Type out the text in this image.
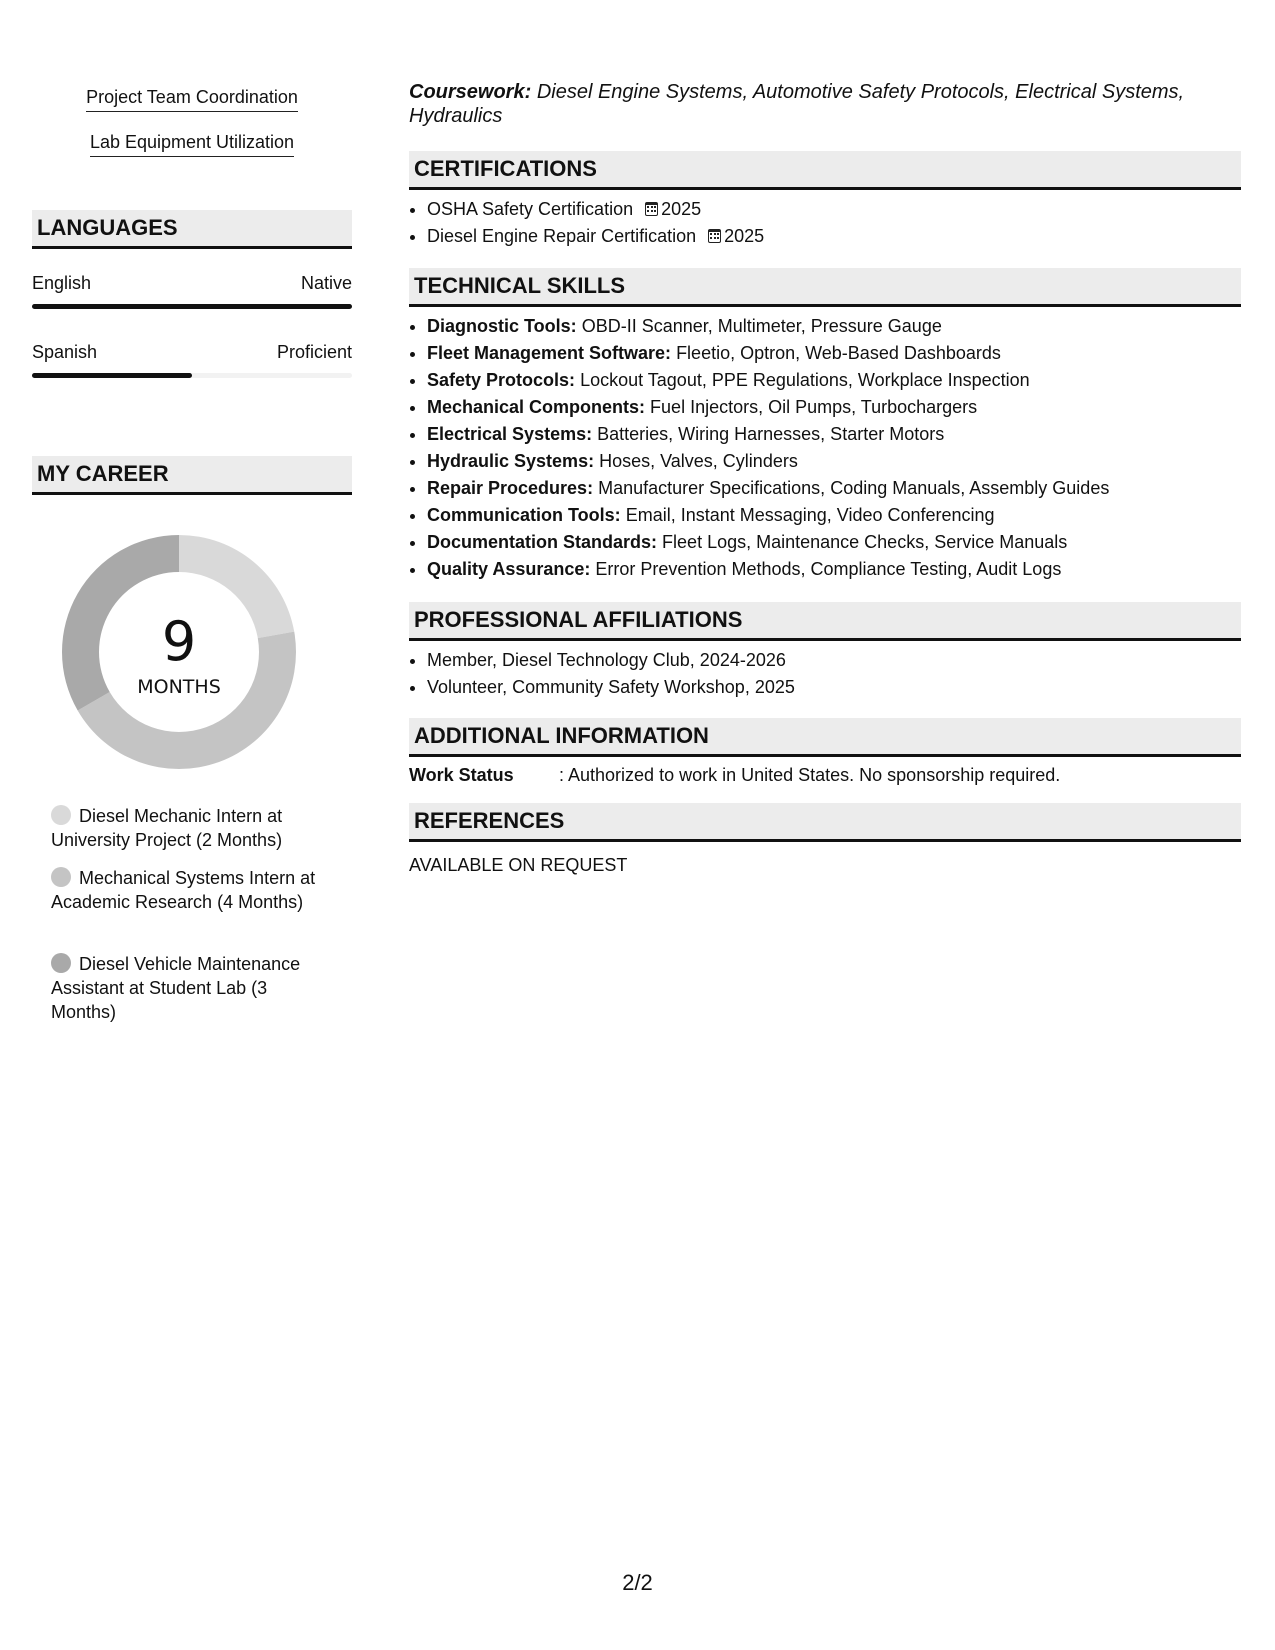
Project Team Coordination
Lab Equipment Utilization
LANGUAGES
English	Native
Spanish	Proficient
MY CAREER
9
MONTHS
Diesel Mechanic Intern at University Project (2 Months)
Mechanical Systems Intern at Academic Research (4 Months)
Diesel Vehicle Maintenance Assistant at Student Lab (3 Months)
Coursework: Diesel Engine Systems, Automotive Safety Protocols, Electrical Systems, Hydraulics
CERTIFICATIONS
• OSHA Safety Certification 2025
• Diesel Engine Repair Certification 2025
TECHNICAL SKILLS
• Diagnostic Tools: OBD-II Scanner, Multimeter, Pressure Gauge
• Fleet Management Software: Fleetio, Optron, Web-Based Dashboards
• Safety Protocols: Lockout Tagout, PPE Regulations, Workplace Inspection
• Mechanical Components: Fuel Injectors, Oil Pumps, Turbochargers
• Electrical Systems: Batteries, Wiring Harnesses, Starter Motors
• Hydraulic Systems: Hoses, Valves, Cylinders
• Repair Procedures: Manufacturer Specifications, Coding Manuals, Assembly Guides
• Communication Tools: Email, Instant Messaging, Video Conferencing
• Documentation Standards: Fleet Logs, Maintenance Checks, Service Manuals
• Quality Assurance: Error Prevention Methods, Compliance Testing, Audit Logs
PROFESSIONAL AFFILIATIONS
• Member, Diesel Technology Club, 2024-2026
• Volunteer, Community Safety Workshop, 2025
ADDITIONAL INFORMATION
Work Status	: Authorized to work in United States. No sponsorship required.
REFERENCES
AVAILABLE ON REQUEST
2/2
